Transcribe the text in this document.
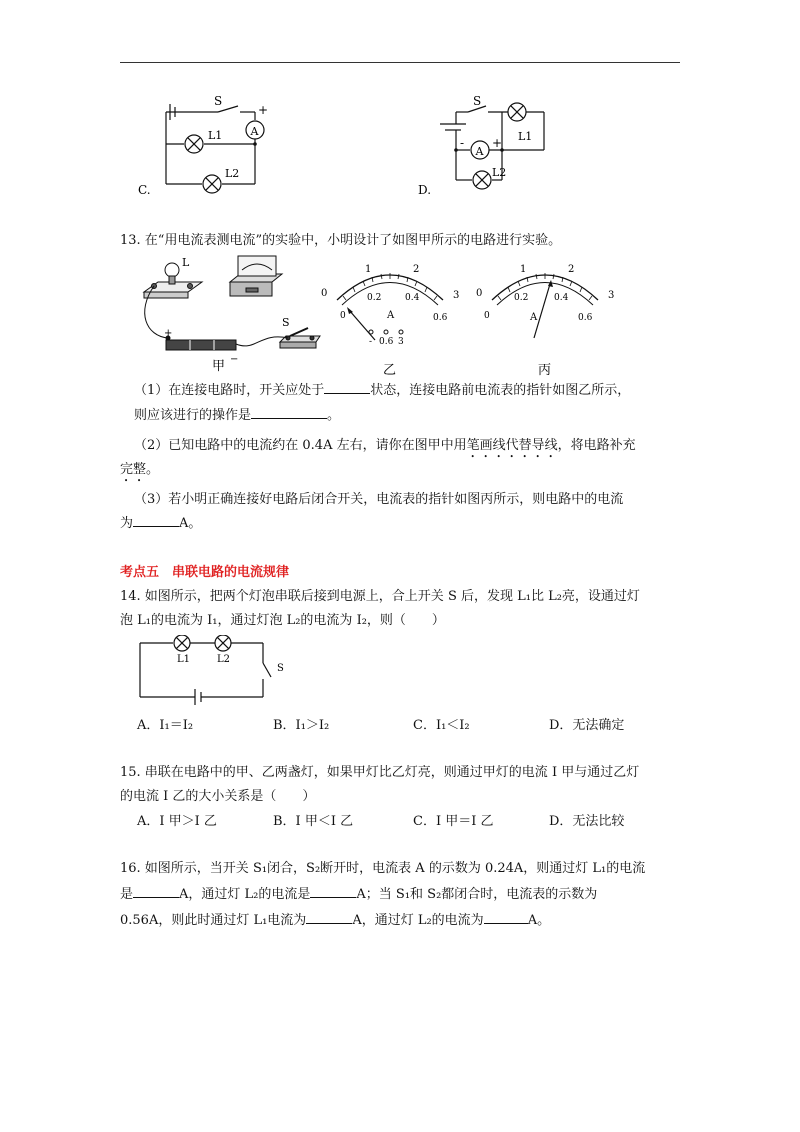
S
+
A
L1
L2
C.
S
- +
A
L1
L2
D.
13. 在“用电流表测电流”的实验中，小明设计了如图甲所示的电路进行实验。
L
S
+
−
甲
0
1	2
3
0
0.2	0.4
0.6
A
- 0.6 3
乙
0
1	2
3
0
0.2	0.4
0.6
A
丙
（1）在连接电路时，开关应处于	状态，连接电路前电流表的指针如图乙所示，
则应该进行的操作是	。
（2）已知电路中的电流约在 0.4A 左右，请你在图甲中用笔画线代替导线，将电路补充
完整。
（3）若小明正确连接好电路后闭合开关，电流表的指针如图丙所示，则电路中的电流
为	A。
考点五　串联电路的电流规律
14. 如图所示，把两个灯泡串联后接到电源上，合上开关 S 后，发现 L₁比 L₂亮，设通过灯
泡 L₁的电流为 I₁，通过灯泡 L₂的电流为 I₂，则（　　）
L1	L2
S
A．I₁＝I₂	B．I₁＞I₂	C．I₁＜I₂	D．无法确定
15. 串联在电路中的甲、乙两盏灯，如果甲灯比乙灯亮，则通过甲灯的电流 I 甲与通过乙灯
的电流 I 乙的大小关系是（　　）
A．I 甲＞I 乙	B．I 甲＜I 乙	C．I 甲＝I 乙	D．无法比较
16. 如图所示，当开关 S₁闭合，S₂断开时，电流表 A 的示数为 0.24A，则通过灯 L₁的电流
是	A，通过灯 L₂的电流是	A；当 S₁和 S₂都闭合时，电流表的示数为
0.56A，则此时通过灯 L₁电流为	A，通过灯 L₂的电流为	A。
